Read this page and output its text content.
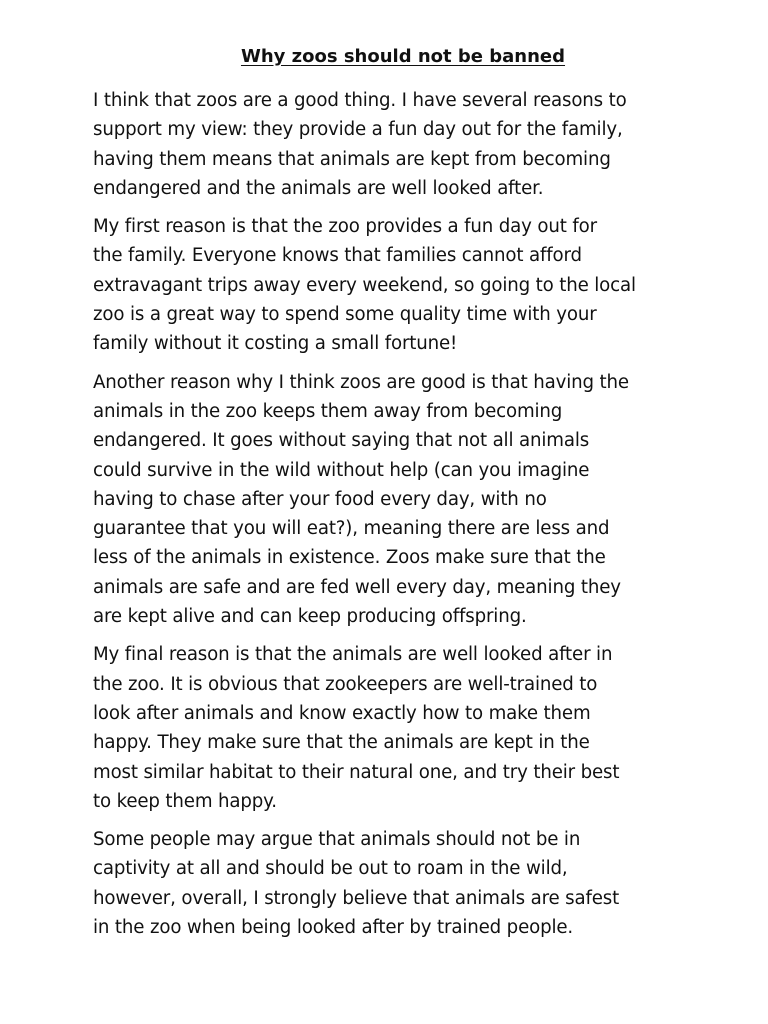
Why zoos should not be banned

I think that zoos are a good thing. I have several reasons to
support my view: they provide a fun day out for the family,
having them means that animals are kept from becoming
endangered and the animals are well looked after.

My first reason is that the zoo provides a fun day out for
the family. Everyone knows that families cannot afford
extravagant trips away every weekend, so going to the local
zoo is a great way to spend some quality time with your
family without it costing a small fortune!

Another reason why I think zoos are good is that having the
animals in the zoo keeps them away from becoming
endangered. It goes without saying that not all animals
could survive in the wild without help (can you imagine
having to chase after your food every day, with no
guarantee that you will eat?), meaning there are less and
less of the animals in existence. Zoos make sure that the
animals are safe and are fed well every day, meaning they
are kept alive and can keep producing offspring.

My final reason is that the animals are well looked after in
the zoo. It is obvious that zookeepers are well-trained to
look after animals and know exactly how to make them
happy. They make sure that the animals are kept in the
most similar habitat to their natural one, and try their best
to keep them happy.

Some people may argue that animals should not be in
captivity at all and should be out to roam in the wild,
however, overall, I strongly believe that animals are safest
in the zoo when being looked after by trained people.
